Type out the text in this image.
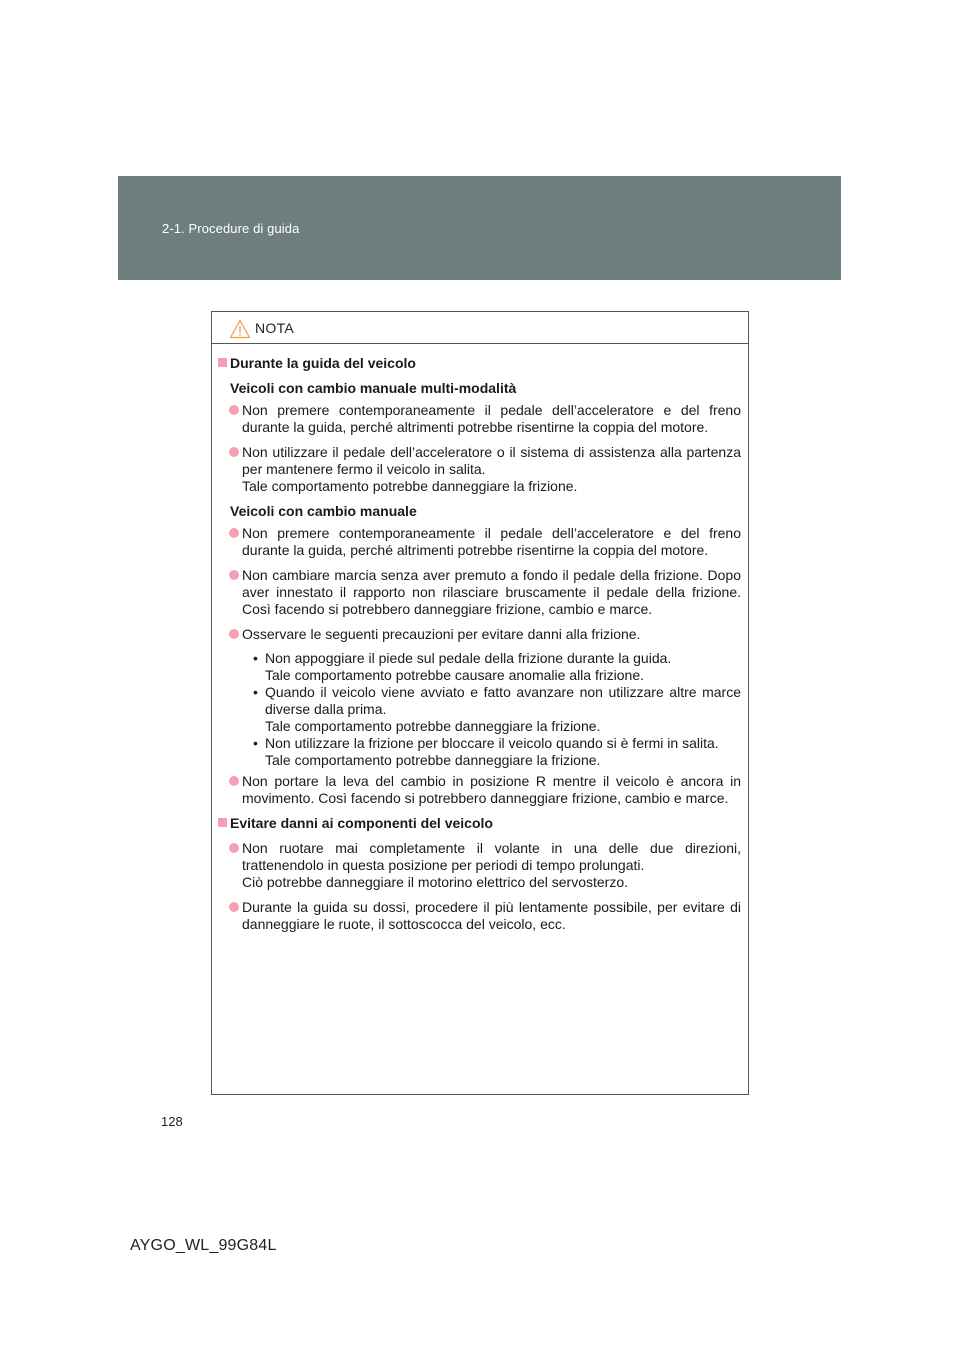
2-1. Procedure di guida
NOTA
Durante la guida del veicolo
Veicoli con cambio manuale multi-modalità
Non premere contemporaneamente il pedale dell’acceleratore e del freno durante la guida, perché altrimenti potrebbe risentirne la coppia del motore.
Non utilizzare il pedale dell’acceleratore o il sistema di assistenza alla partenza per mantenere fermo il veicolo in salita.
Tale comportamento potrebbe danneggiare la frizione.
Veicoli con cambio manuale
Non premere contemporaneamente il pedale dell’acceleratore e del freno durante la guida, perché altrimenti potrebbe risentirne la coppia del motore.
Non cambiare marcia senza aver premuto a fondo il pedale della frizione. Dopo aver innestato il rapporto non rilasciare bruscamente il pedale della frizione. Così facendo si potrebbero danneggiare frizione, cambio e marce.
Osservare le seguenti precauzioni per evitare danni alla frizione.
• Non appoggiare il piede sul pedale della frizione durante la guida.
Tale comportamento potrebbe causare anomalie alla frizione.
• Quando il veicolo viene avviato e fatto avanzare non utilizzare altre marce diverse dalla prima.
Tale comportamento potrebbe danneggiare la frizione.
• Non utilizzare la frizione per bloccare il veicolo quando si è fermi in salita.
Tale comportamento potrebbe danneggiare la frizione.
Non portare la leva del cambio in posizione R mentre il veicolo è ancora in movimento. Così facendo si potrebbero danneggiare frizione, cambio e marce.
Evitare danni ai componenti del veicolo
Non ruotare mai completamente il volante in una delle due direzioni, trattenendolo in questa posizione per periodi di tempo prolungati.
Ciò potrebbe danneggiare il motorino elettrico del servosterzo.
Durante la guida su dossi, procedere il più lentamente possibile, per evitare di danneggiare le ruote, il sottoscocca del veicolo, ecc.
128
AYGO_WL_99G84L
